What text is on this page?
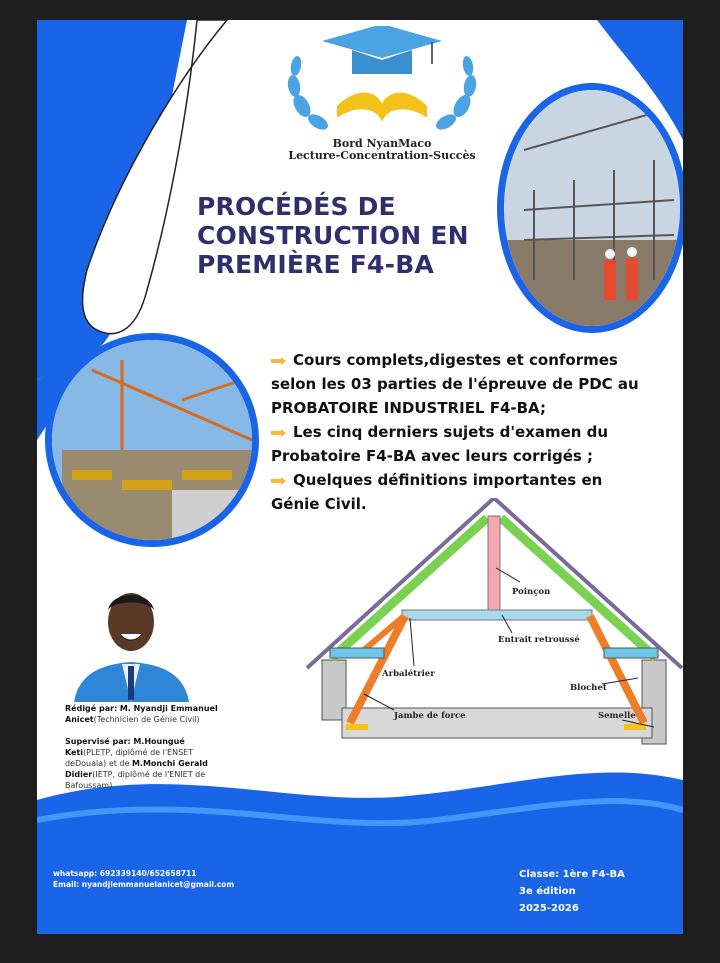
Bord NyanMaco
Lecture-Concentration-Succès
PROCÉDÉS DE
CONSTRUCTION EN
PREMIÈRE F4-BA
Cours complets,digestes et conformes selon les 03 parties de l'épreuve de PDC au PROBATOIRE INDUSTRIEL F4-BA;
Les cinq derniers sujets d'examen du Probatoire F4-BA avec leurs corrigés ;
Quelques définitions importantes en Génie Civil.
Poinçon
Entrait retroussé
Arbalétrier
Blochet
Jambe de force	Semelle
Rédigé par: M. Nyandji Emmanuel Anicet(Technicien de Génie Civil)
Supervisé par: M.Houngué Keti(PLETP, diplômé de l'ENSET deDouala) et de M.Monchi Gerald Didier(IETP, diplômé de l'ENIET de Bafoussam)
whatsapp: 692339140/652658711
Email: nyandjiemmanuelanicet@gmail.com
Classe: 1ère F4-BA
3e édition
2025-2026
